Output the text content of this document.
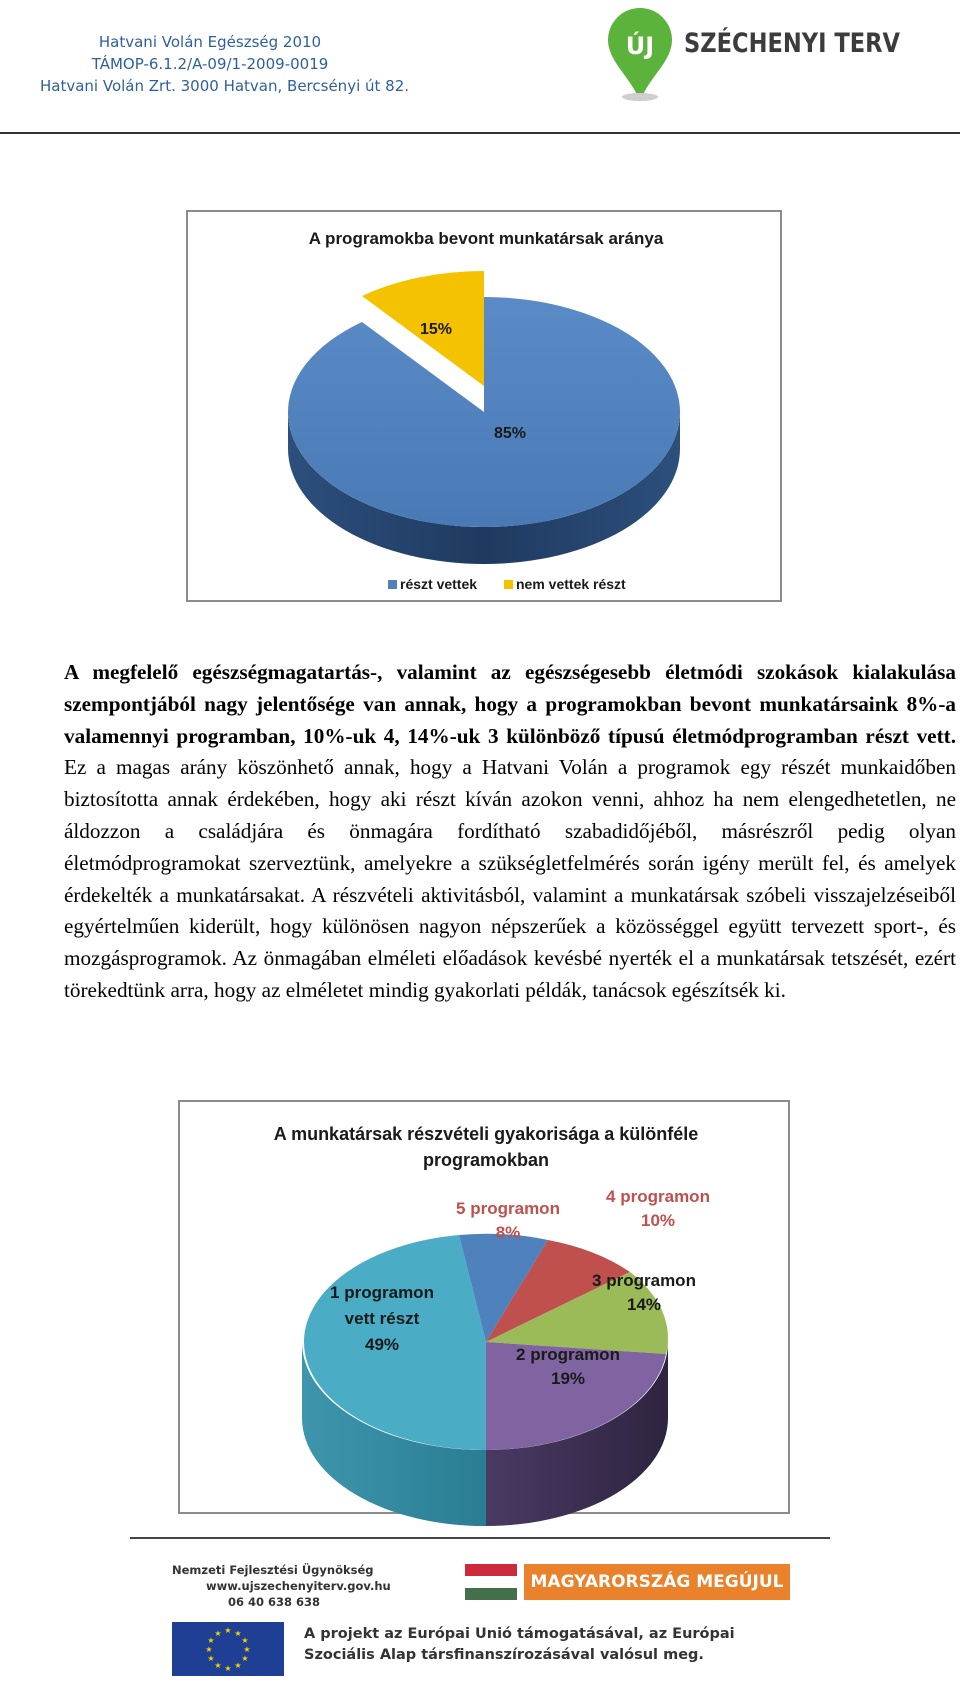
Hatvani Volán Egészség 2010
TÁMOP-6.1.2/A-09/1-2009-0019
Hatvani Volán Zrt. 3000 Hatvan, Bercsényi út 82.
ÚJ SZÉCHENYI TERV
A programokba bevont munkatársak aránya
15%
85%
részt vettek	nem vettek részt
A megfelelő egészségmagatartás-, valamint az egészségesebb életmódi szokások kialakulása szempontjából nagy jelentősége van annak, hogy a programokban bevont munkatársaink 8%-a valamennyi programban, 10%-uk 4, 14%-uk 3 különböző típusú életmódprogramban részt vett. Ez a magas arány köszönhető annak, hogy a Hatvani Volán a programok egy részét munkaidőben biztosította annak érdekében, hogy aki részt kíván azokon venni, ahhoz ha nem elengedhetetlen, ne áldozzon a családjára és önmagára fordítható szabadidőjéből, másrészről pedig olyan életmódprogramokat szerveztünk, amelyekre a szükségletfelmérés során igény merült fel, és amelyek érdekelték a munkatársakat. A részvételi aktivitásból, valamint a munkatársak szóbeli visszajelzéseiből egyértelműen kiderült, hogy különösen nagyon népszerűek a közösséggel együtt tervezett sport-, és mozgásprogramok. Az önmagában elméleti előadások kevésbé nyerték el a munkatársak tetszését, ezért törekedtünk arra, hogy az elméletet mindig gyakorlati példák, tanácsok egészítsék ki.
A munkatársak részvételi gyakorisága a különféle
programokban
5 programon
8%
4 programon
10%
3 programon
14%
2 programon
19%
1 programon
vett részt
49%
Nemzeti Fejlesztési Ügynökség
www.ujszechenyiterv.gov.hu
06 40 638 638
MAGYARORSZÁG MEGÚJUL
★ ★
★
★
★
★
★
★
★
★
★
★	A projekt az Európai Unió támogatásával, az Európai
Szociális Alap társfinanszírozásával valósul meg.
